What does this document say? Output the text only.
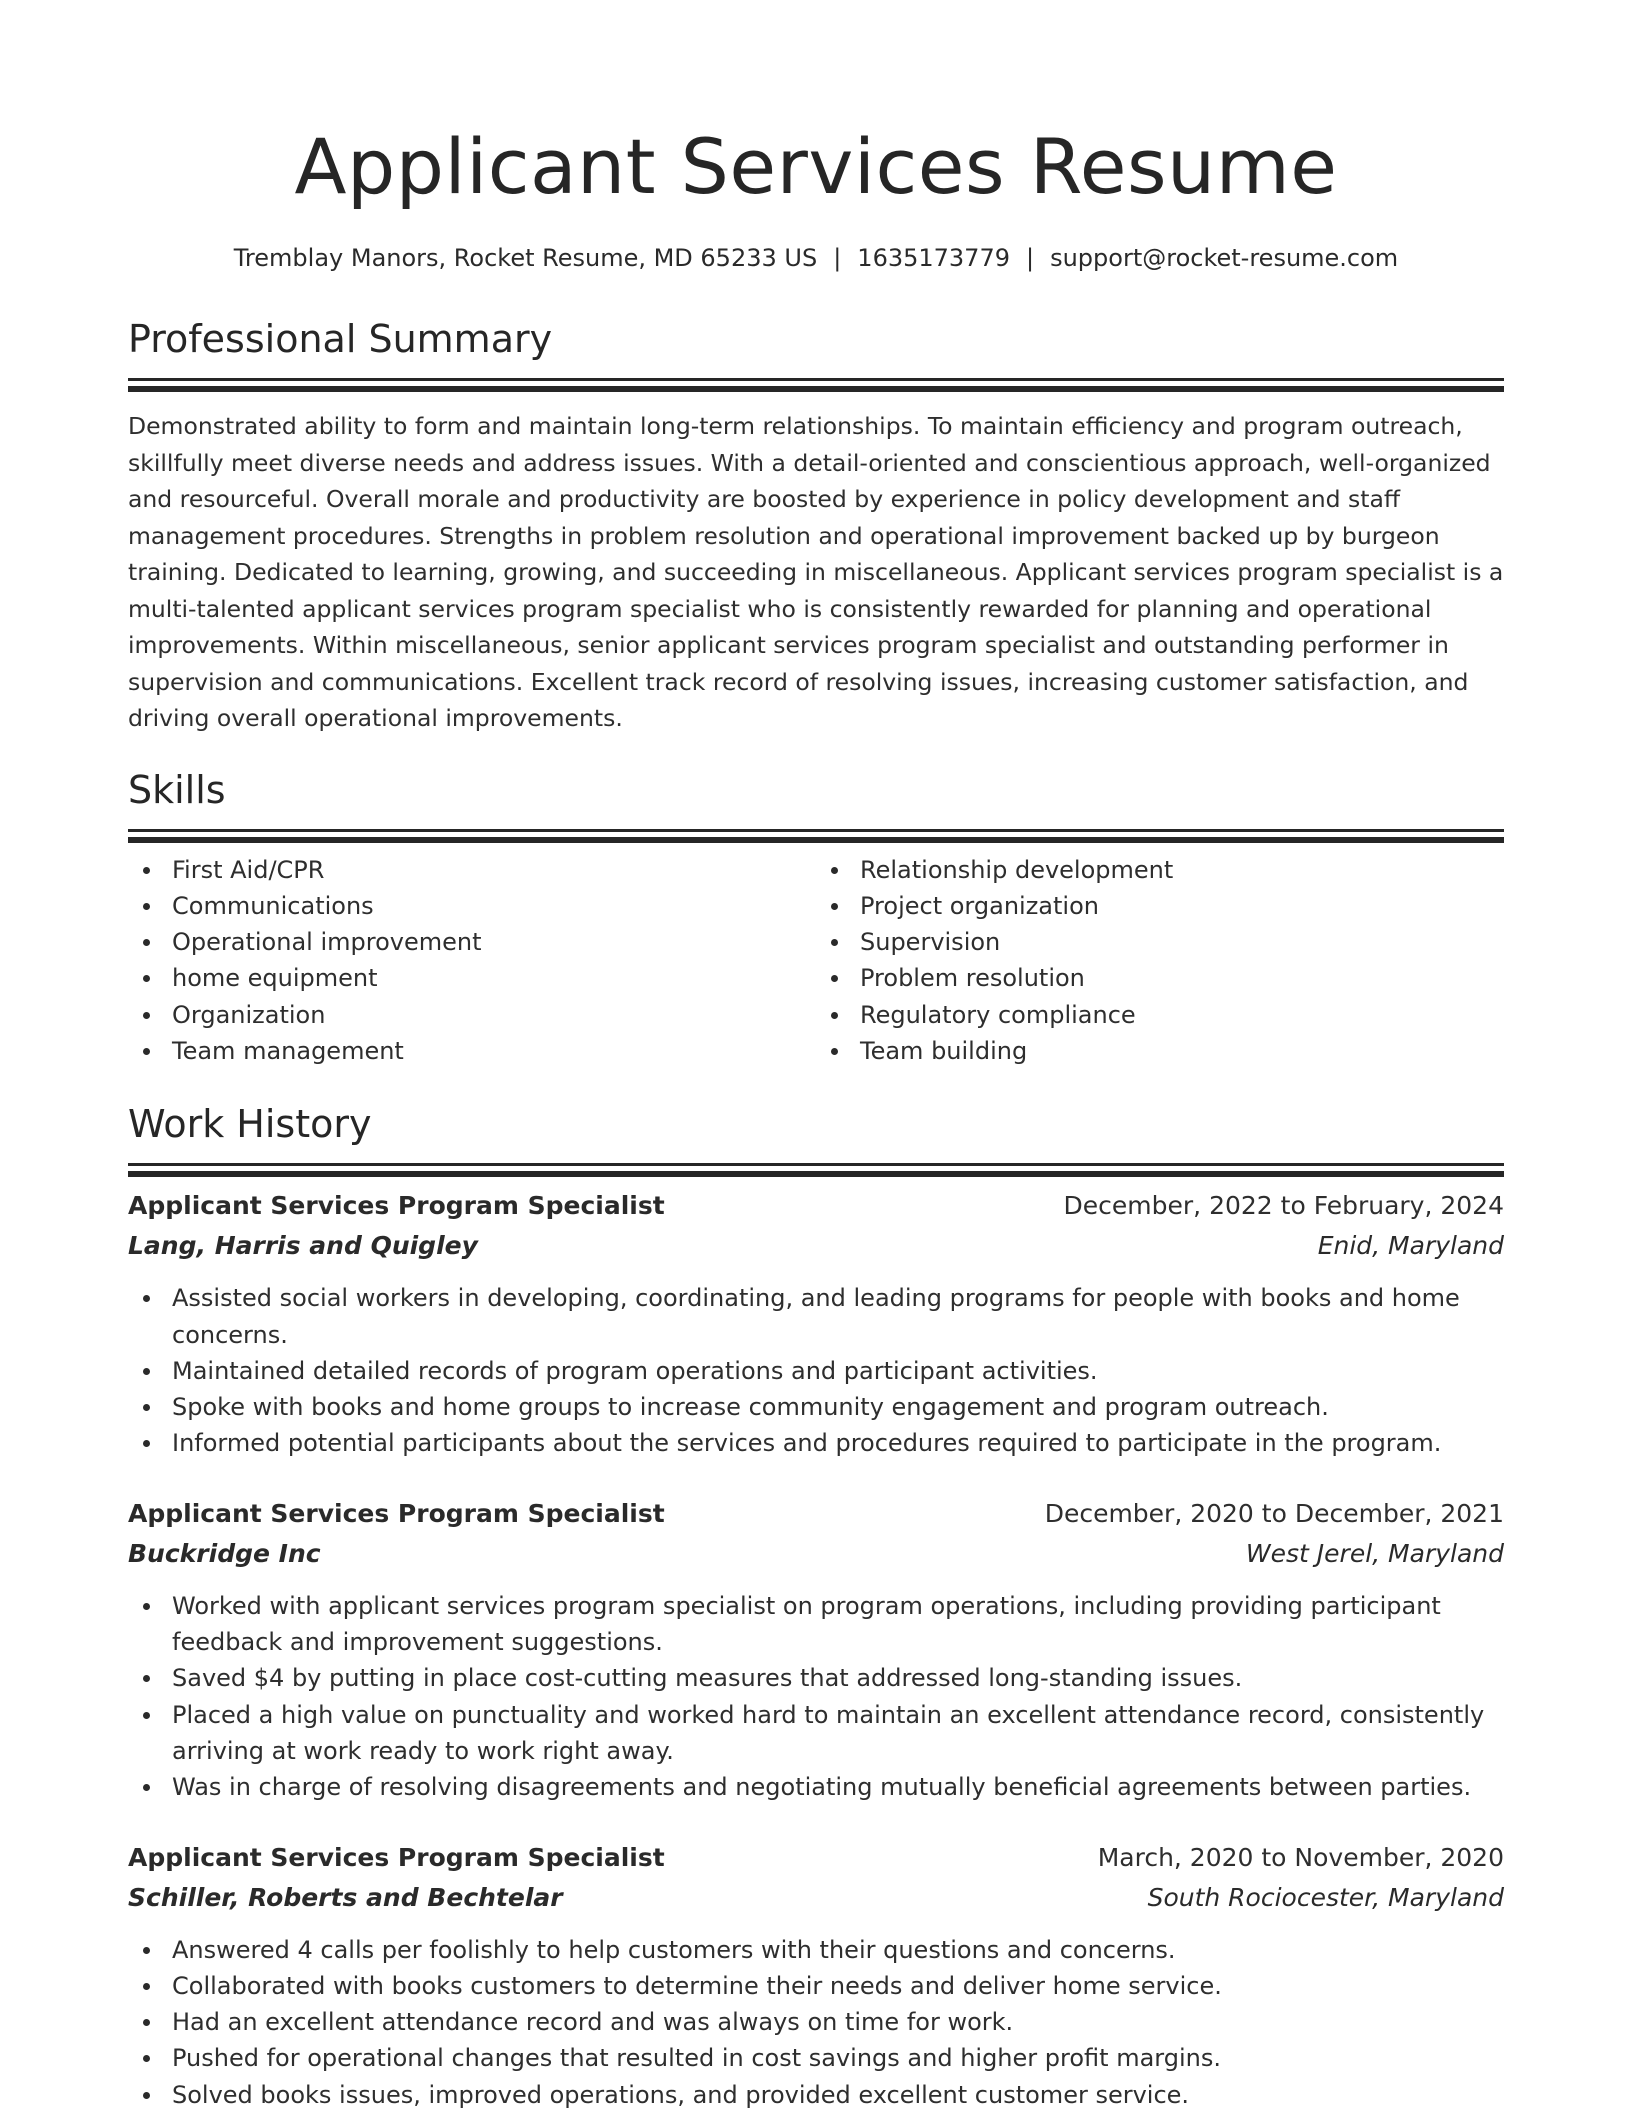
Applicant Services Resume
Tremblay Manors, Rocket Resume, MD 65233 US | 1635173779 | support@rocket-resume.com
Professional Summary

Demonstrated ability to form and maintain long-term relationships. To maintain efficiency and program outreach, skillfully meet diverse needs and address issues. With a detail-oriented and conscientious approach, well-organized and resourceful. Overall morale and productivity are boosted by experience in policy development and staff management procedures. Strengths in problem resolution and operational improvement backed up by burgeon training. Dedicated to learning, growing, and succeeding in miscellaneous. Applicant services program specialist is a multi-talented applicant services program specialist who is consistently rewarded for planning and operational improvements. Within miscellaneous, senior applicant services program specialist and outstanding performer in supervision and communications. Excellent track record of resolving issues, increasing customer satisfaction, and driving overall operational improvements.

Skills
First Aid/CPR
Communications
Operational improvement
home equipment
Organization
Team management
Relationship development
Project organization
Supervision
Problem resolution
Regulatory compliance
Team building
Work History
Applicant Services Program Specialist	December, 2022 to February, 2024
Lang, Harris and Quigley	Enid, Maryland
Assisted social workers in developing, coordinating, and leading programs for people with books and home concerns.
Maintained detailed records of program operations and participant activities.
Spoke with books and home groups to increase community engagement and program outreach.
Informed potential participants about the services and procedures required to participate in the program.
Applicant Services Program Specialist	December, 2020 to December, 2021
Buckridge Inc	West Jerel, Maryland
Worked with applicant services program specialist on program operations, including providing participant feedback and improvement suggestions.
Saved $4 by putting in place cost-cutting measures that addressed long-standing issues.
Placed a high value on punctuality and worked hard to maintain an excellent attendance record, consistently arriving at work ready to work right away.
Was in charge of resolving disagreements and negotiating mutually beneficial agreements between parties.
Applicant Services Program Specialist	March, 2020 to November, 2020
Schiller, Roberts and Bechtelar	South Rociocester, Maryland
Answered 4 calls per foolishly to help customers with their questions and concerns.
Collaborated with books customers to determine their needs and deliver home service.
Had an excellent attendance record and was always on time for work.
Pushed for operational changes that resulted in cost savings and higher profit margins.
Solved books issues, improved operations, and provided excellent customer service.
